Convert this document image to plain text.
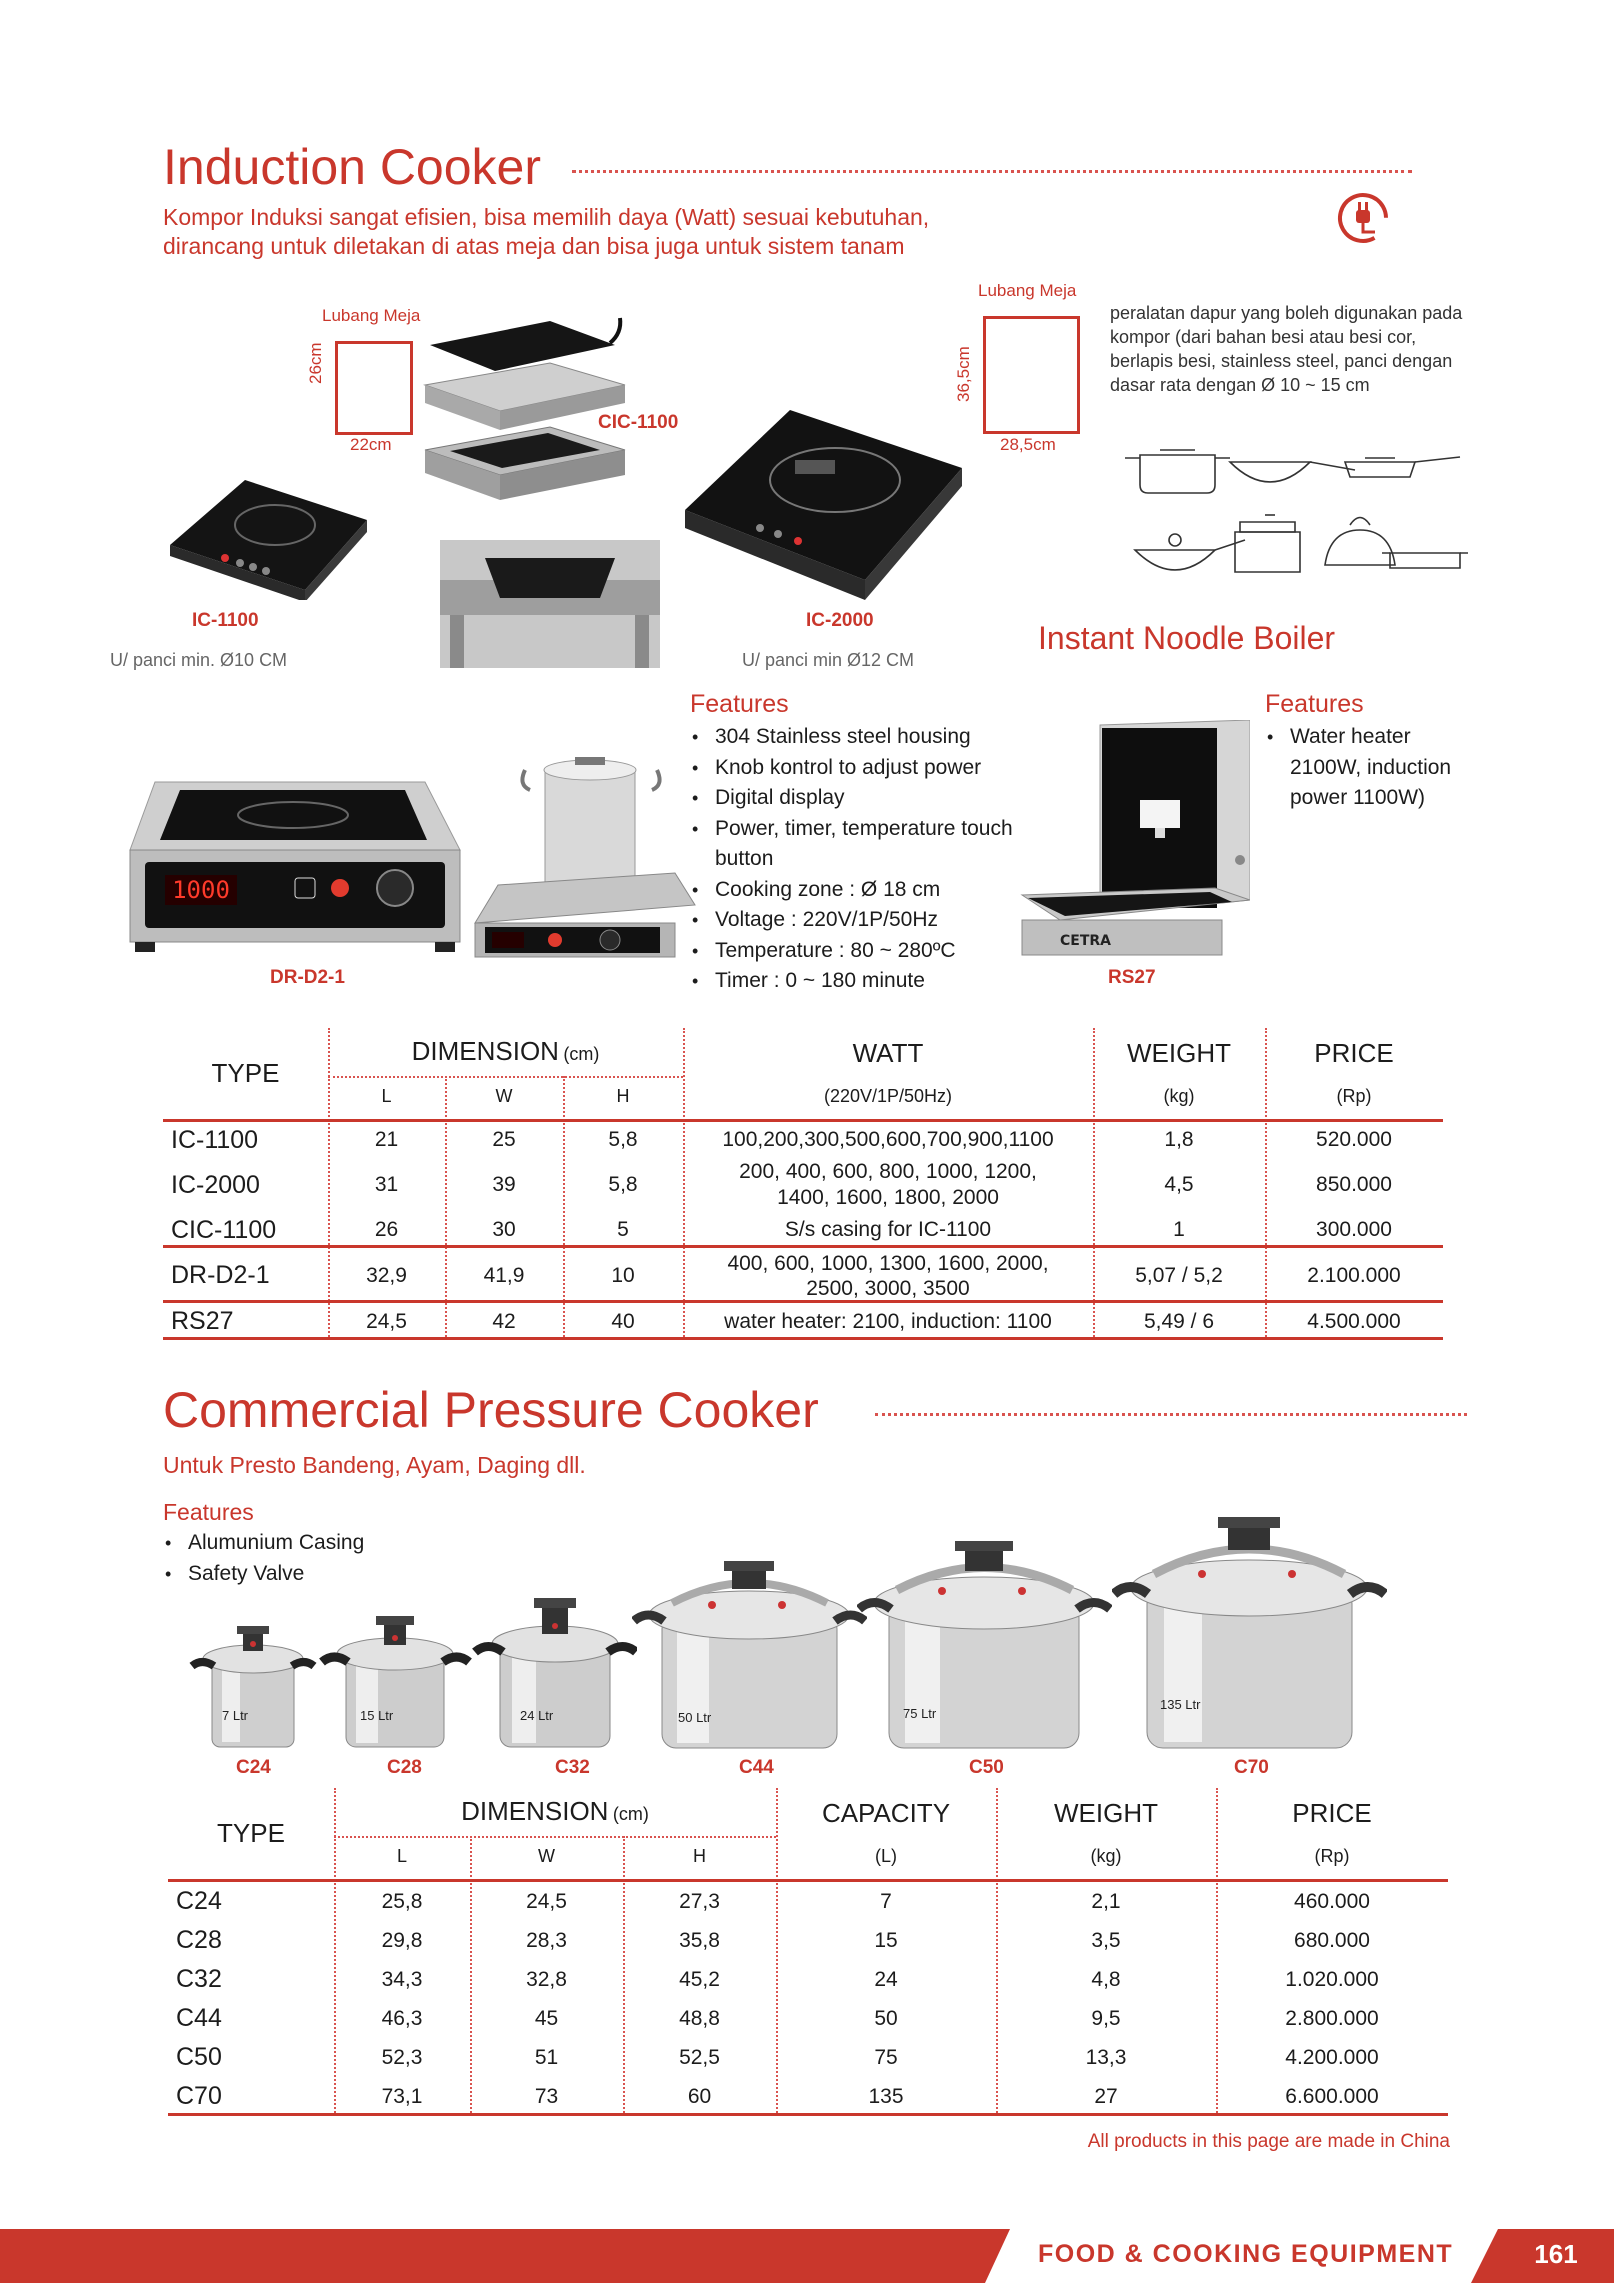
Induction Cooker
Kompor Induksi sangat efisien, bisa memilih daya (Watt) sesuai kebutuhan,
dirancang untuk diletakan di atas meja dan bisa juga untuk sistem tanam
Lubang Meja
26cm
22cm
IC-1100
U/ panci min. Ø10 CM
CIC-1100
Lubang Meja
36,5cm
28,5cm
IC-2000
U/ panci min Ø12 CM
peralatan dapur yang boleh digunakan pada kompor (dari bahan besi atau besi cor, berlapis besi, stainless steel, panci dengan dasar rata dengan Ø 10 ~ 15 cm
Instant Noodle Boiler
1000
DR-D2-1
Features
• 304 Stainless steel housing
• Knob kontrol to adjust power
• Digital display
• Power, timer, temperature touch button
• Cooking zone : Ø 18 cm
• Voltage : 220V/1P/50Hz
• Temperature : 80 ~ 280ºC
• Timer : 0 ~ 180 minute
CETRA
RS27
Features
• Water heater 2100W, induction power 1100W)
TYPE
DIMENSION (cm)
L	W	H
WATT
(220V/1P/50Hz)
WEIGHT
(kg)
PRICE
(Rp)
IC-1100	21	25	5,8	100,200,300,500,600,700,900,1100	1,8	520.000
IC-2000	31	39	5,8	200, 400, 600, 800, 1000, 1200, 1400, 1600, 1800, 2000	4,5	850.000
CIC-1100	26	30	5	S/s casing for IC-1100	1	300.000
DR-D2-1	32,9	41,9	10	400, 600, 1000, 1300, 1600, 2000, 2500, 3000, 3500	5,07 / 5,2	2.100.000
RS27	24,5	42	40	water heater: 2100, induction: 1100	5,49 / 6	4.500.000
Commercial Pressure Cooker
Untuk Presto Bandeng, Ayam, Daging dll.
Features
• Alumunium Casing
• Safety Valve
7 Ltr
C24
15 Ltr
C28
24 Ltr
C32
50 Ltr
C44
75 Ltr
C50
135 Ltr
C70
TYPE
DIMENSION (cm)
L	W	H
CAPACITY
(L)
WEIGHT
(kg)
PRICE
(Rp)
C24	25,8	24,5	27,3	7	2,1	460.000
C28	29,8	28,3	35,8	15	3,5	680.000
C32	34,3	32,8	45,2	24	4,8	1.020.000
C44	46,3	45	48,8	50	9,5	2.800.000
C50	52,3	51	52,5	75	13,3	4.200.000
C70	73,1	73	60	135	27	6.600.000
All products in this page are made in China
FOOD & COOKING EQUIPMENT	161
